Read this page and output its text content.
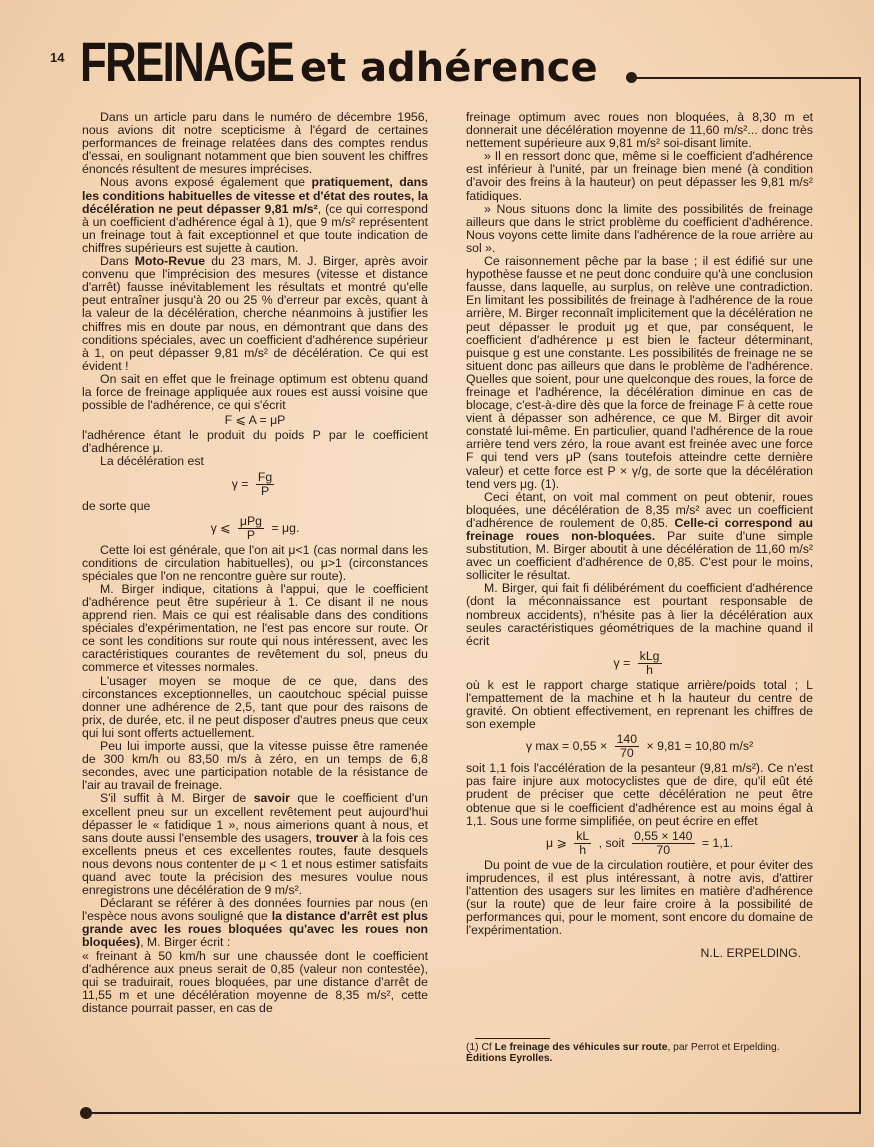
14 FREINAGE et adhérence

Dans un article paru dans le numéro de décembre 1956, nous avions dit notre scepticisme à l'égard de certaines performances de freinage relatées dans des comptes rendus d'essai, en soulignant notamment que bien souvent les chiffres énoncés résultent de mesures imprécises.

Nous avons exposé également que pratiquement, dans les conditions habituelles de vitesse et d'état des routes, la décélération ne peut dépasser 9,81 m/s², (ce qui correspond à un coefficient d'adhérence égal à 1), que 9 m/s² représentent un freinage tout à fait exceptionnel et que toute indication de chiffres supérieurs est sujette à caution.

Dans Moto-Revue du 23 mars, M. J. Birger, après avoir convenu que l'imprécision des mesures (vitesse et distance d'arrêt) fausse inévitablement les résultats et montré qu'elle peut entraîner jusqu'à 20 ou 25 % d'erreur par excès, quant à la valeur de la décélération, cherche néanmoins à justifier les chiffres mis en doute par nous, en démontrant que dans des conditions spéciales, avec un coefficient d'adhérence supérieur à 1, on peut dépasser 9,81 m/s² de décélération. Ce qui est évident !

On sait en effet que le freinage optimum est obtenu quand la force de freinage appliquée aux roues est aussi voisine que possible de l'adhérence, ce qui s'écrit

F ⩽ A = μP

l'adhérence étant le produit du poids P par le coefficient d'adhérence μ.

La décélération est

$\gamma = \frac{Fg}{P}$

de sorte que

γ ⩽ $\frac{\text{μPg}}{P} = \mu g$.

Cette loi est générale, que l'on ait μ<1 (cas normal dans les conditions de circulation habituelles), ou μ>1 (circonstances spéciales que l'on ne rencontre guère sur route).

M. Birger indique, citations à l'appui, que le coefficient d'adhérence peut être supérieur à 1. Ce disant il ne nous apprend rien. Mais ce qui est réalisable dans des conditions spéciales d'expérimentation, ne l'est pas encore sur route. Or ce sont les conditions sur route qui nous intéressent, avec les caractéristiques courantes de revêtement du sol, pneus du commerce et vitesses normales.

L'usager moyen se moque de ce que, dans des circonstances exceptionnelles, un caoutchouc spécial puisse donner une adhérence de 2,5, tant que pour des raisons de prix, de durée, etc. il ne peut disposer d'autres pneus que ceux qui lui sont offerts actuellement.

Peu lui importe aussi, que la vitesse puisse être ramenée de 300 km/h ou 83,50 m/s à zéro, en un temps de 6,8 secondes, avec une participation notable de la résistance de l'air au travail de freinage.

S'il suffit à M. Birger de savoir que le coefficient d'un excellent pneu sur un excellent revêtement peut aujourd'hui dépasser le « fatidique 1 », nous aimerions quant à nous, et sans doute aussi l'ensemble des usagers, trouver à la fois ces excellents pneus et ces excellentes routes, faute desquels nous devons nous contenter de μ < 1 et nous estimer satisfaits quand avec toute la précision des mesures voulue nous enregistrons une décélération de 9 m/s².

Déclarant se référer à des données fournies par nous (en l'espèce nous avons souligné que la distance d'arrêt est plus grande avec les roues bloquées qu'avec les roues non bloquées), M. Birger écrit :

« freinant à 50 km/h sur une chaussée dont le coefficient d'adhérence aux pneus serait de 0,85 (valeur non contestée), qui se traduirait, roues bloquées, par une distance d'arrêt de 11,55 m et une décélération moyenne de 8,35 m/s², cette distance pourrait passer, en cas de

freinage optimum avec roues non bloquées, à 8,30 m et donnerait une décélération moyenne de 11,60 m/s²... donc très nettement supérieure aux 9,81 m/s² soi-disant limite.

» Il en ressort donc que, même si le coefficient d'adhérence est inférieur à l'unité, par un freinage bien mené (à condition d'avoir des freins à la hauteur) on peut dépasser les 9,81 m/s² fatidiques.

» Nous situons donc la limite des possibilités de freinage ailleurs que dans le strict problème du coefficient d'adhérence. Nous voyons cette limite dans l'adhérence de la roue arrière au sol ».

Ce raisonnement pêche par la base ; il est édifié sur une hypothèse fausse et ne peut donc conduire qu'à une conclusion fausse, dans laquelle, au surplus, on relève une contradiction. En limitant les possibilités de freinage à l'adhérence de la roue arrière, M. Birger reconnaît implicitement que la décélération ne peut dépasser le produit μg et que, par conséquent, le coefficient d'adhérence μ est bien le facteur déterminant, puisque g est une constante. Les possibilités de freinage ne se situent donc pas ailleurs que dans le problème de l'adhérence. Quelles que soient, pour une quelconque des roues, la force de freinage et l'adhérence, la décélération diminue en cas de blocage, c'est-à-dire dès que la force de freinage F à cette roue vient à dépasser son adhérence, ce que M. Birger dit avoir constaté lui-même. En particulier, quand l'adhérence de la roue arrière tend vers zéro, la roue avant est freinée avec une force F qui tend vers μP (sans toutefois atteindre cette dernière valeur) et cette force est P × γ/g, de sorte que la décélération tend vers μg. (1).

Ceci étant, on voit mal comment on peut obtenir, roues bloquées, une décélération de 8,35 m/s² avec un coefficient d'adhérence de roulement de 0,85. Celle-ci correspond au freinage roues non-bloquées. Par suite d'une simple substitution, M. Birger aboutit à une décélération de 11,60 m/s² avec un coefficient d'adhérence de 0,85. C'est pour le moins, solliciter le résultat.

M. Birger, qui fait fi délibérément du coefficient d'adhérence (dont la méconnaissance est pourtant responsable de nombreux accidents), n'hésite pas à lier la décélération aux seules caractéristiques géométriques de la machine quand il écrit

$\gamma = \frac{\text{kLg}}{h}$

où k est le rapport charge statique arrière/poids total ; L l'empattement de la machine et h la hauteur du centre de gravité. On obtient effectivement, en reprenant les chiffres de son exemple

γ $\max = 0,55 \times \frac{140}{70} \times 9,81 = 10,80$ m/s²

soit 1,1 fois l'accélération de la pesanteur (9,81 m/s²). Ce n'est pas faire injure aux motocyclistes que de dire, qu'il eût été prudent de préciser que cette décélération ne peut être obtenue que si le coefficient d'adhérence est au moins égal à 1,1. Sous une forme simplifiée, on peut écrire en effet

μ ⩾ $\frac{kL}{h}$ , soit $\frac{0,55 \times 140}{70} = 1,1$.

Du point de vue de la circulation routière, et pour éviter des imprudences, il est plus intéressant, à notre avis, d'attirer l'attention des usagers sur les limites en matière d'adhérence (sur la route) que de leur faire croire à la possibilité de performances qui, pour le moment, sont encore du domaine de l'expérimentation.

N.L. ERPELDING.
(1) Cf Le freinage des véhicules sur route, par Perrot et Erpelding. Éditions Eyrolles.
